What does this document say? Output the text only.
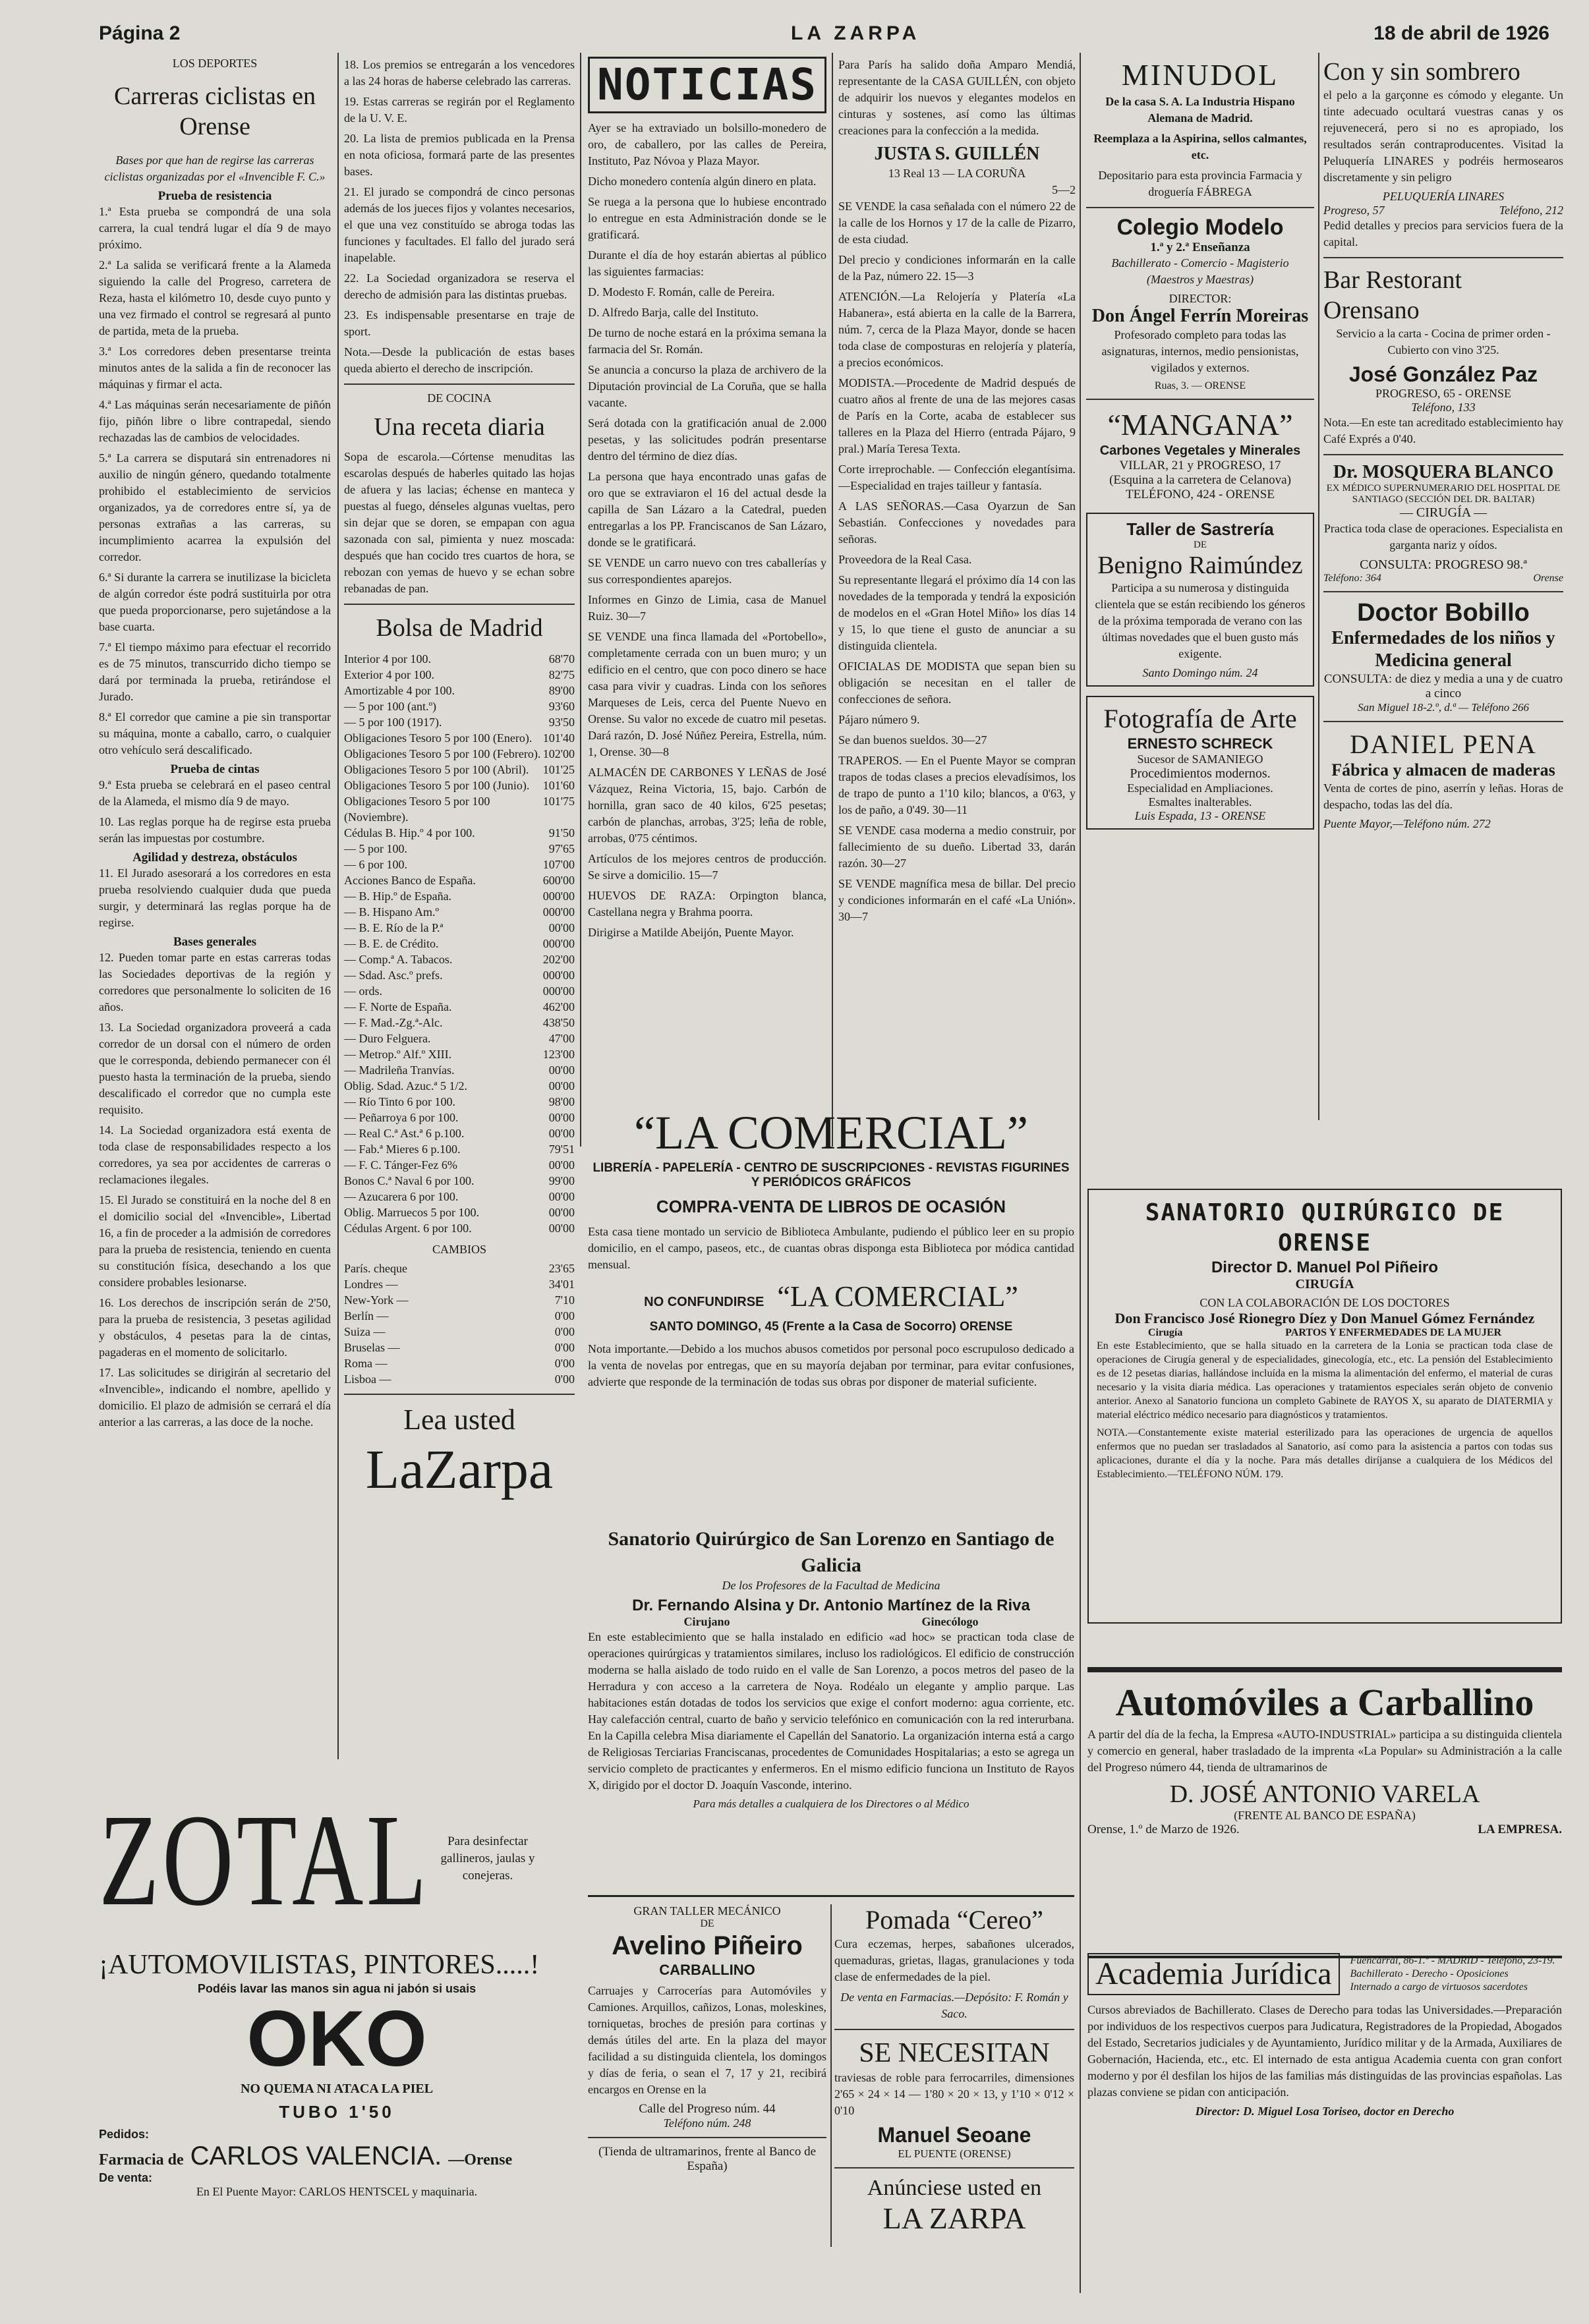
Página 2	LA ZARPA	18 de abril de 1926
LOS DEPORTES
Carreras ciclistas en Orense

Bases por que han de regirse las carreras ciclistas organizadas por el «Invencible F. C.»

Prueba de resistencia

1.ª Esta prueba se compondrá de una sola carrera, la cual tendrá lugar el día 9 de mayo próximo.

2.ª La salida se verificará frente a la Alameda siguiendo la calle del Progreso, carretera de Reza, hasta el kilómetro 10, desde cuyo punto y una vez firmado el control se regresará al punto de partida, meta de la prueba.

3.ª Los corredores deben presentarse treinta minutos antes de la salida a fin de reconocer las máquinas y firmar el acta.

4.ª Las máquinas serán necesariamente de piñón fijo, piñón libre o libre contrapedal, siendo rechazadas las de cambios de velocidades.

5.ª La carrera se disputará sin entrenadores ni auxilio de ningún género, quedando totalmente prohibido el establecimiento de servicios organizados, ya de corredores entre sí, ya de personas extrañas a las carreras, su incumplimiento acarrea la expulsión del corredor.

6.ª Si durante la carrera se inutilizase la bicicleta de algún corredor éste podrá sustituirla por otra que pueda proporcionarse, pero sujetándose a la base cuarta.

7.ª El tiempo máximo para efectuar el recorrido es de 75 minutos, transcurrido dicho tiempo se dará por terminada la prueba, retirándose el Jurado.

8.ª El corredor que camine a pie sin transportar su máquina, monte a caballo, carro, o cualquier otro vehículo será descalificado.

Prueba de cintas

9.ª Esta prueba se celebrará en el paseo central de la Alameda, el mismo día 9 de mayo.

10. Las reglas porque ha de regirse esta prueba serán las impuestas por costumbre.

Agilidad y destreza, obstáculos

11. El Jurado asesorará a los corredores en esta prueba resolviendo cualquier duda que pueda surgir, y determinará las reglas porque ha de regirse.

Bases generales

12. Pueden tomar parte en estas carreras todas las Sociedades deportivas de la región y corredores que personalmente lo soliciten de 16 años.

13. La Sociedad organizadora proveerá a cada corredor de un dorsal con el número de orden que le corresponda, debiendo permanecer con él puesto hasta la terminación de la prueba, siendo descalificado el corredor que no cumpla este requisito.

14. La Sociedad organizadora está exenta de toda clase de responsabilidades respecto a los corredores, ya sea por accidentes de carreras o reclamaciones ilegales.

15. El Jurado se constituirá en la noche del 8 en el domicilio social del «Invencible», Libertad 16, a fin de proceder a la admisión de corredores para la prueba de resistencia, teniendo en cuenta su constitución física, desechando a los que considere probables lesionarse.

16. Los derechos de inscripción serán de 2'50, para la prueba de resistencia, 3 pesetas agilidad y obstáculos, 4 pesetas para la de cintas, pagaderas en el momento de solicitarlo.

17. Las solicitudes se dirigirán al secretario del «Invencible», indicando el nombre, apellido y domicilio. El plazo de admisión se cerrará el día anterior a las carreras, a las doce de la noche.

18. Los premios se entregarán a los vencedores a las 24 horas de haberse celebrado las carreras.

19. Estas carreras se regirán por el Reglamento de la U. V. E.

20. La lista de premios publicada en la Prensa en nota oficiosa, formará parte de las presentes bases.

21. El jurado se compondrá de cinco personas además de los jueces fijos y volantes necesarios, el que una vez constituído se abroga todas las funciones y facultades. El fallo del jurado será inapelable.

22. La Sociedad organizadora se reserva el derecho de admisión para las distintas pruebas.

23. Es indispensable presentarse en traje de sport.

Nota.—Desde la publicación de estas bases queda abierto el derecho de inscripción.

DE COCINA
Una receta diaria

Sopa de escarola.—Córtense menuditas las escarolas después de haberles quitado las hojas de afuera y las lacias; échense en manteca y puestas al fuego, dénseles algunas vueltas, pero sin dejar que se doren, se empapan con agua sazonada con sal, pimienta y nuez moscada: después que han cocido tres cuartos de hora, se rebozan con yemas de huevo y se echan sobre rebanadas de pan.

Bolsa de Madrid
Interior 4 por 100.	68'70
Exterior 4 por 100.	82'75
Amortizable 4 por 100.	89'00
— 5 por 100 (ant.º)	93'60
— 5 por 100 (1917).	93'50
Obligaciones Tesoro 5 por 100 (Enero). 101'40
Obligaciones Tesoro 5 por 100 (Febrero). 102'00
Obligaciones Tesoro 5 por 100 (Abril). 101'25
Obligaciones Tesoro 5 por 100 (Junio). 101'60
Obligaciones Tesoro 5 por 100 (Noviembre).
101'75
Cédulas B. Hip.º 4 por 100.	91'50
— 5 por 100.	97'65
— 6 por 100.	107'00
Acciones Banco de España.	600'00
— B. Hip.º de España.	000'00
— B. Hispano Am.º	000'00
— B. E. Río de la P.ª	00'00
— B. E. de Crédito.	000'00
— Comp.ª A. Tabacos.	202'00
— Sdad. Asc.º prefs.	000'00
— ords.	000'00
— F. Norte de España.	462'00
— F. Mad.-Zg.ª-Alc.	438'50
— Duro Felguera.	47'00
— Metrop.º Alf.º XIII.	123'00
— Madrileña Tranvías.	00'00
Oblig. Sdad. Azuc.ª 5 1/2.	00'00
— Río Tinto 6 por 100.	98'00
— Peñarroya 6 por 100.	00'00
— Real C.ª Ast.ª 6 p.100.	00'00
— Fab.ª Mieres 6 p.100.	79'51
— F. C. Tánger-Fez 6%	00'00
Bonos C.ª Naval 6 por 100.	99'00
— Azucarera 6 por 100.	00'00
Oblig. Marruecos 5 por 100.	00'00
Cédulas Argent. 6 por 100.	00'00
CAMBIOS
París. cheque	23'65
Londres —	34'01
New-York —	7'10
Berlín —	0'00
Suiza —	0'00
Bruselas —	0'00
Roma —	0'00
Lisboa —	0'00
Lea usted
LaZarpa
NOTICIAS

Ayer se ha extraviado un bolsillo-monedero de oro, de caballero, por las calles de Pereira, Instituto, Paz Nóvoa y Plaza Mayor.

Dicho monedero contenía algún dinero en plata.

Se ruega a la persona que lo hubiese encontrado lo entregue en esta Administración donde se le gratificará.

Durante el día de hoy estarán abiertas al público las siguientes farmacias:

D. Modesto F. Román, calle de Pereira.

D. Alfredo Barja, calle del Instituto.

De turno de noche estará en la próxima semana la farmacia del Sr. Román.

Se anuncia a concurso la plaza de archivero de la Diputación provincial de La Coruña, que se halla vacante.

Será dotada con la gratificación anual de 2.000 pesetas, y las solicitudes podrán presentarse dentro del término de diez días.

La persona que haya encontrado unas gafas de oro que se extraviaron el 16 del actual desde la capilla de San Lázaro a la Catedral, pueden entregarlas a los PP. Franciscanos de San Lázaro, donde se le gratificará.

SE VENDE un carro nuevo con tres caballerías y sus correspondientes aparejos.

Informes en Ginzo de Limia, casa de Manuel Ruiz. 30—7

SE VENDE una finca llamada del «Portobello», completamente cerrada con un buen muro; y un edificio en el centro, que con poco dinero se hace casa para vivir y cuadras. Linda con los señores Marqueses de Leis, cerca del Puente Nuevo en Orense. Su valor no excede de cuatro mil pesetas. Dará razón, D. José Núñez Pereira, Estrella, núm. 1, Orense. 30—8

ALMACÉN DE CARBONES Y LEÑAS de José Vázquez, Reina Victoria, 15, bajo. Carbón de hornilla, gran saco de 40 kilos, 6'25 pesetas; carbón de planchas, arrobas, 3'25; leña de roble, arrobas, 0'75 céntimos.

Artículos de los mejores centros de producción. Se sirve a domicilio. 15—7

HUEVOS DE RAZA: Orpington blanca, Castellana negra y Brahma poorra.

Dirigirse a Matilde Abeijón, Puente Mayor.

Para París ha salido doña Amparo Mendiá, representante de la CASA GUILLÉN, con objeto de adquirir los nuevos y elegantes modelos en cinturas y sostenes, así como las últimas creaciones para la confección a la medida.

JUSTA S. GUILLÉN
13 Real 13 — LA CORUÑA
5—2

SE VENDE la casa señalada con el número 22 de la calle de los Hornos y 17 de la calle de Pizarro, de esta ciudad.

Del precio y condiciones informarán en la calle de la Paz, número 22. 15—3

ATENCIÓN.—La Relojería y Platería «La Habanera», está abierta en la calle de la Barrera, núm. 7, cerca de la Plaza Mayor, donde se hacen toda clase de composturas en relojería y platería, a precios económicos.

MODISTA.—Procedente de Madrid después de cuatro años al frente de una de las mejores casas de París en la Corte, acaba de establecer sus talleres en la Plaza del Hierro (entrada Pájaro, 9 pral.) María Teresa Texta.

Corte irreprochable. — Confección elegantísima.—Especialidad en trajes tailleur y fantasía.

A LAS SEÑORAS.—Casa Oyarzun de San Sebastián. Confecciones y novedades para señoras.

Proveedora de la Real Casa.

Su representante llegará el próximo día 14 con las novedades de la temporada y tendrá la exposición de modelos en el «Gran Hotel Miño» los días 14 y 15, lo que tiene el gusto de anunciar a su distinguida clientela.

OFICIALAS DE MODISTA que sepan bien su obligación se necesitan en el taller de confecciones de señora.

Pájaro número 9.

Se dan buenos sueldos. 30—27

TRAPEROS. — En el Puente Mayor se compran trapos de todas clases a precios elevadísimos, los de trapo de punto a 1'10 kilo; blancos, a 0'63, y los de paño, a 0'49. 30—11

SE VENDE casa moderna a medio construir, por fallecimiento de su dueño. Libertad 33, darán razón. 30—27

SE VENDE magnífica mesa de billar. Del precio y condiciones informarán en el café «La Unión». 30—7

“LA COMERCIAL”
LIBRERÍA - PAPELERÍA - CENTRO DE SUSCRIPCIONES - REVISTAS FIGURINES Y PERIÓDICOS GRÁFICOS
COMPRA-VENTA DE LIBROS DE OCASIÓN

Esta casa tiene montado un servicio de Biblioteca Ambulante, pudiendo el público leer en su propio domicilio, en el campo, paseos, etc., de cuantas obras disponga esta Biblioteca por módica cantidad mensual.

NO CONFUNDIRSE “LA COMERCIAL”
SANTO DOMINGO, 45 (Frente a la Casa de Socorro) ORENSE

Nota importante.—Debido a los muchos abusos cometidos por personal poco escrupuloso dedicado a la venta de novelas por entregas, que en su mayoría dejaban por terminar, para evitar confusiones, advierte que responde de la terminación de todas sus obras por disponer de material suficiente.

Sanatorio Quirúrgico de San Lorenzo en Santiago de Galicia
De los Profesores de la Facultad de Medicina
Dr. Fernando Alsina y Dr. Antonio Martínez de la Riva
Cirujano	Ginecólogo

En este establecimiento que se halla instalado en edificio «ad hoc» se practican toda clase de operaciones quirúrgicas y tratamientos similares, incluso los radiológicos. El edificio de construcción moderna se halla aislado de todo ruido en el valle de San Lorenzo, a pocos metros del paseo de la Herradura y con acceso a la carretera de Noya. Rodéalo un elegante y amplio parque. Las habitaciones están dotadas de todos los servicios que exige el confort moderno: agua corriente, etc. Hay calefacción central, cuarto de baño y servicio telefónico en comunicación con la red interurbana. En la Capilla celebra Misa diariamente el Capellán del Sanatorio. La organización interna está a cargo de Religiosas Terciarias Franciscanas, procedentes de Comunidades Hospitalarias; a esto se agrega un servicio completo de practicantes y enfermeros. En el mismo edificio funciona un Instituto de Rayos X, dirigido por el doctor D. Joaquín Vasconde, interino.

Para más detalles a cualquiera de los Directores o al Médico
GRAN TALLER MECÁNICO
DE
Avelino Piñeiro
CARBALLINO

Carruajes y Carrocerías para Automóviles y Camiones. Arquillos, cañizos, Lonas, moleskines, torniquetas, broches de presión para cortinas y demás útiles del arte. En la plaza del mayor facilidad a su distinguida clientela, los domingos y días de feria, o sean el 7, 17 y 21, recibirá encargos en Orense en la

Calle del Progreso núm. 44
Teléfono núm. 248
(Tienda de ultramarinos, frente al Banco de España)
Pomada “Cereo”

Cura eczemas, herpes, sabañones ulcerados, quemaduras, grietas, llagas, granulaciones y toda clase de enfermedades de la piel.

De venta en Farmacias.—Depósito: F. Román y Saco.

SE NECESITAN

traviesas de roble para ferrocarriles, dimensiones 2'65 × 24 × 14 — 1'80 × 20 × 13, y 1'10 × 0'12 × 0'10

Manuel Seoane
EL PUENTE (ORENSE)
Anúnciese usted en
LA ZARPA
MINUDOL

De la casa S. A. La Industria Hispano Alemana de Madrid.

Reemplaza a la Aspirina, sellos calmantes, etc.

Depositario para esta provincia Farmacia y droguería FÁBREGA

Colegio Modelo
1.ª y 2.ª Enseñanza

Bachillerato - Comercio - Magisterio (Maestros y Maestras)

DIRECTOR:
Don Ángel Ferrín Moreiras

Profesorado completo para todas las asignaturas, internos, medio pensionistas, vigilados y externos.

Ruas, 3. — ORENSE
“MANGANA”
Carbones Vegetales y Minerales
VILLAR, 21 y PROGRESO, 17
(Esquina a la carretera de Celanova)
TELÉFONO, 424 - ORENSE
Taller de Sastrería
DE
Benigno Raimúndez

Participa a su numerosa y distinguida clientela que se están recibiendo los géneros de la próxima temporada de verano con las últimas novedades que el buen gusto más exigente.

Santo Domingo núm. 24
Fotografía de Arte
ERNESTO SCHRECK
Sucesor de SAMANIEGO
Procedimientos modernos.
Especialidad en Ampliaciones.
Esmaltes inalterables.
Luis Espada, 13 - ORENSE
Con y sin sombrero

el pelo a la garçonne es cómodo y elegante. Un tinte adecuado ocultará vuestras canas y os rejuvenecerá, pero si no es apropiado, los resultados serán contraproducentes. Visitad la Peluquería LINARES y podréis hermosearos discretamente y sin peligro

PELUQUERÍA LINARES
Progreso, 57	Teléfono, 212

Pedid detalles y precios para servicios fuera de la capital.

Bar Restorant Orensano

Servicio a la carta - Cocina de primer orden - Cubierto con vino 3'25.

José González Paz
PROGRESO, 65 - ORENSE
Teléfono, 133

Nota.—En este tan acreditado establecimiento hay Café Exprés a 0'40.

Dr. MOSQUERA BLANCO
EX MÉDICO SUPERNUMERARIO DEL HOSPITAL DE SANTIAGO (SECCIÓN DEL DR. BALTAR)
— CIRUGÍA —

Practica toda clase de operaciones. Especialista en garganta nariz y oídos.

CONSULTA: PROGRESO 98.ª
Teléfono: 364	Orense
Doctor Bobillo
Enfermedades de los niños y Medicina general
CONSULTA: de diez y media a una y de cuatro a cinco
San Miguel 18-2.º, d.ª — Teléfono 266
DANIEL PENA
Fábrica y almacen de maderas

Venta de cortes de pino, aserrín y leñas. Horas de despacho, todas las del día.

Puente Mayor,—Teléfono núm. 272
SANATORIO QUIRÚRGICO DE ORENSE
Director D. Manuel Pol Piñeiro
CIRUGÍA
CON LA COLABORACIÓN DE LOS DOCTORES
Don Francisco José Rionegro Díez y Don Manuel Gómez Fernández
Cirugía	PARTOS Y ENFERMEDADES DE LA MUJER

En este Establecimiento, que se halla situado en la carretera de la Lonia se practican toda clase de operaciones de Cirugía general y de especialidades, ginecología, etc., etc. La pensión del Establecimiento es de 12 pesetas diarias, hallándose incluída en la misma la alimentación del enfermo, el material de curas necesario y la visita diaria médica. Las operaciones y tratamientos especiales serán objeto de convenio anterior. Anexo al Sanatorio funciona un completo Gabinete de RAYOS X, su aparato de DIATERMIA y material eléctrico médico necesario para diagnósticos y tratamientos.

NOTA.—Constantemente existe material esterilizado para las operaciones de urgencia de aquellos enfermos que no puedan ser trasladados al Sanatorio, así como para la asistencia a partos con todas sus aplicaciones, durante el día y la noche. Para más detalles diríjanse a cualquiera de los Médicos del Establecimiento.—TELÉFONO NÚM. 179.

Automóviles a Carballino

A partir del día de la fecha, la Empresa «AUTO-INDUSTRIAL» participa a su distinguida clientela y comercio en general, haber trasladado de la imprenta «La Popular» su Administración a la calle del Progreso número 44, tienda de ultramarinos de

D. JOSÉ ANTONIO VARELA
(FRENTE AL BANCO DE ESPAÑA)
Orense, 1.º de Marzo de 1926.	LA EMPRESA.
Academia Jurídica	Fuencarral, 86-1.º - MADRID - Teléfono, 23-19.
Bachillerato - Derecho - Oposiciones
Internado a cargo de virtuosos sacerdotes

Cursos abreviados de Bachillerato. Clases de Derecho para todas las Universidades.—Preparación por individuos de los respectivos cuerpos para Judicatura, Registradores de la Propiedad, Abogados del Estado, Secretarios judiciales y de Ayuntamiento, Jurídico militar y de la Armada, Auxiliares de Gobernación, Hacienda, etc., etc. El internado de esta antigua Academia cuenta con gran confort moderno y por él desfilan los hijos de las familias más distinguidas de las provincias españolas. Las plazas conviene se pidan con anticipación.

Director: D. Miguel Losa Toriseo, doctor en Derecho
ZOTAL	Para desinfectar gallineros, jaulas y conejeras.

¡AUTOMOVILISTAS, PINTORES.....!
Podéis lavar las manos sin agua ni jabón si usais
OKO
NO QUEMA NI ATACA LA PIEL
TUBO 1'50
Pedidos:
Farmacia de CARLOS VALENCIA. —Orense
De venta:
En El Puente Mayor: CARLOS HENTSCEL y maquinaria.
